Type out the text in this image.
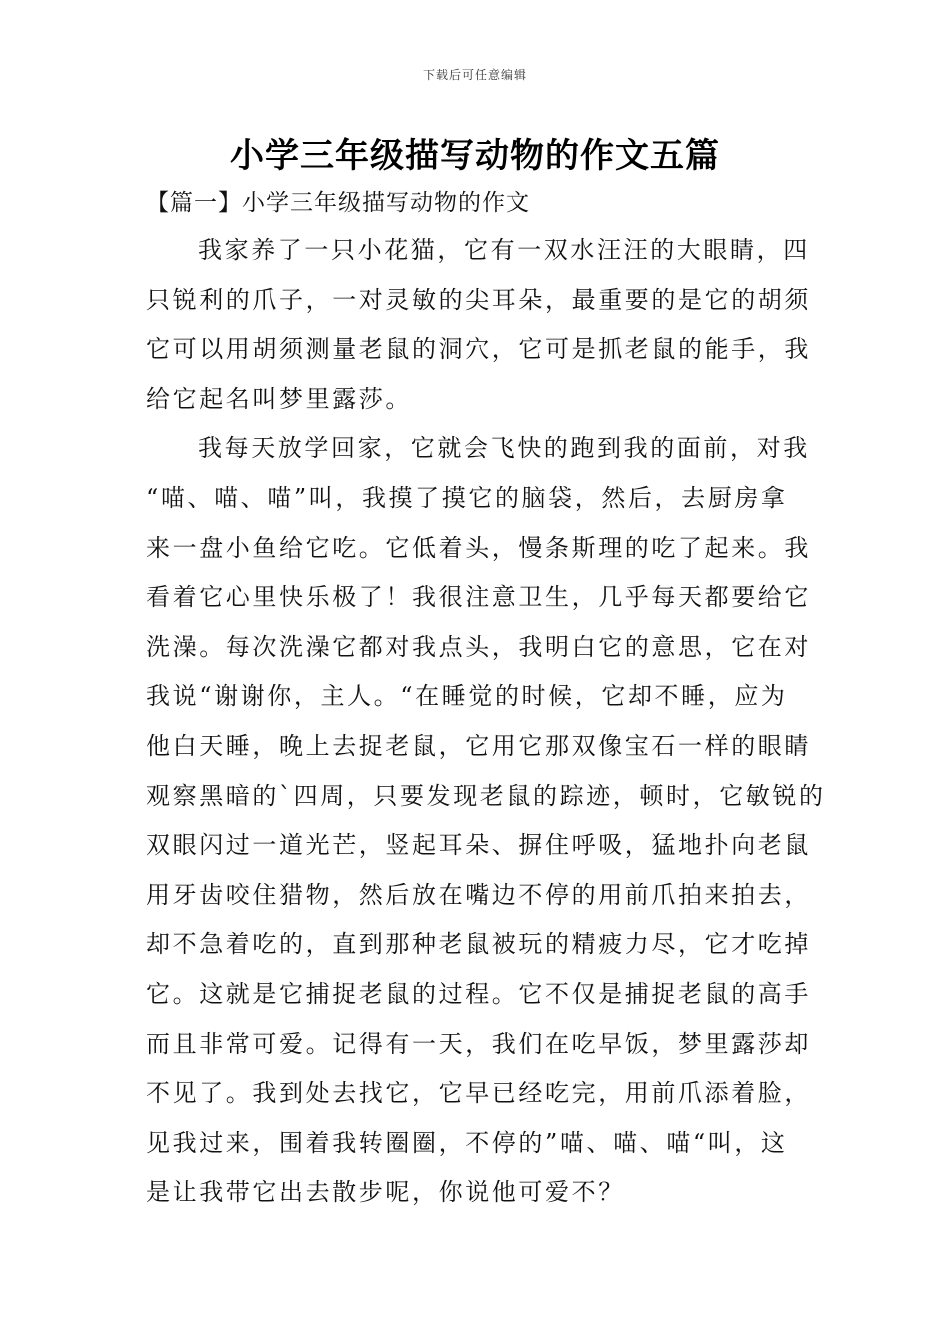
下载后可任意编辑
小学三年级描写动物的作文五篇
【篇一】小学三年级描写动物的作文
我家养了一只小花猫，它有一双水汪汪的大眼睛，四
只锐利的爪子，一对灵敏的尖耳朵，最重要的是它的胡须
它可以用胡须测量老鼠的洞穴，它可是抓老鼠的能手，我
给它起名叫梦里露莎。
我每天放学回家，它就会飞快的跑到我的面前，对我
“喵、喵、喵”叫，我摸了摸它的脑袋，然后，去厨房拿
来一盘小鱼给它吃。它低着头，慢条斯理的吃了起来。我
看着它心里快乐极了！我很注意卫生，几乎每天都要给它
洗澡。每次洗澡它都对我点头，我明白它的意思，它在对
我说“谢谢你，主人。“在睡觉的时候，它却不睡，应为
他白天睡，晚上去捉老鼠，它用它那双像宝石一样的眼睛
观察黑暗的`四周，只要发现老鼠的踪迹，顿时，它敏锐的
双眼闪过一道光芒，竖起耳朵、摒住呼吸，猛地扑向老鼠
用牙齿咬住猎物，然后放在嘴边不停的用前爪拍来拍去，
却不急着吃的，直到那种老鼠被玩的精疲力尽，它才吃掉
它。这就是它捕捉老鼠的过程。它不仅是捕捉老鼠的高手
而且非常可爱。记得有一天，我们在吃早饭，梦里露莎却
不见了。我到处去找它，它早已经吃完，用前爪添着脸，
见我过来，围着我转圈圈，不停的”喵、喵、喵“叫，这
是让我带它出去散步呢，你说他可爱不？
